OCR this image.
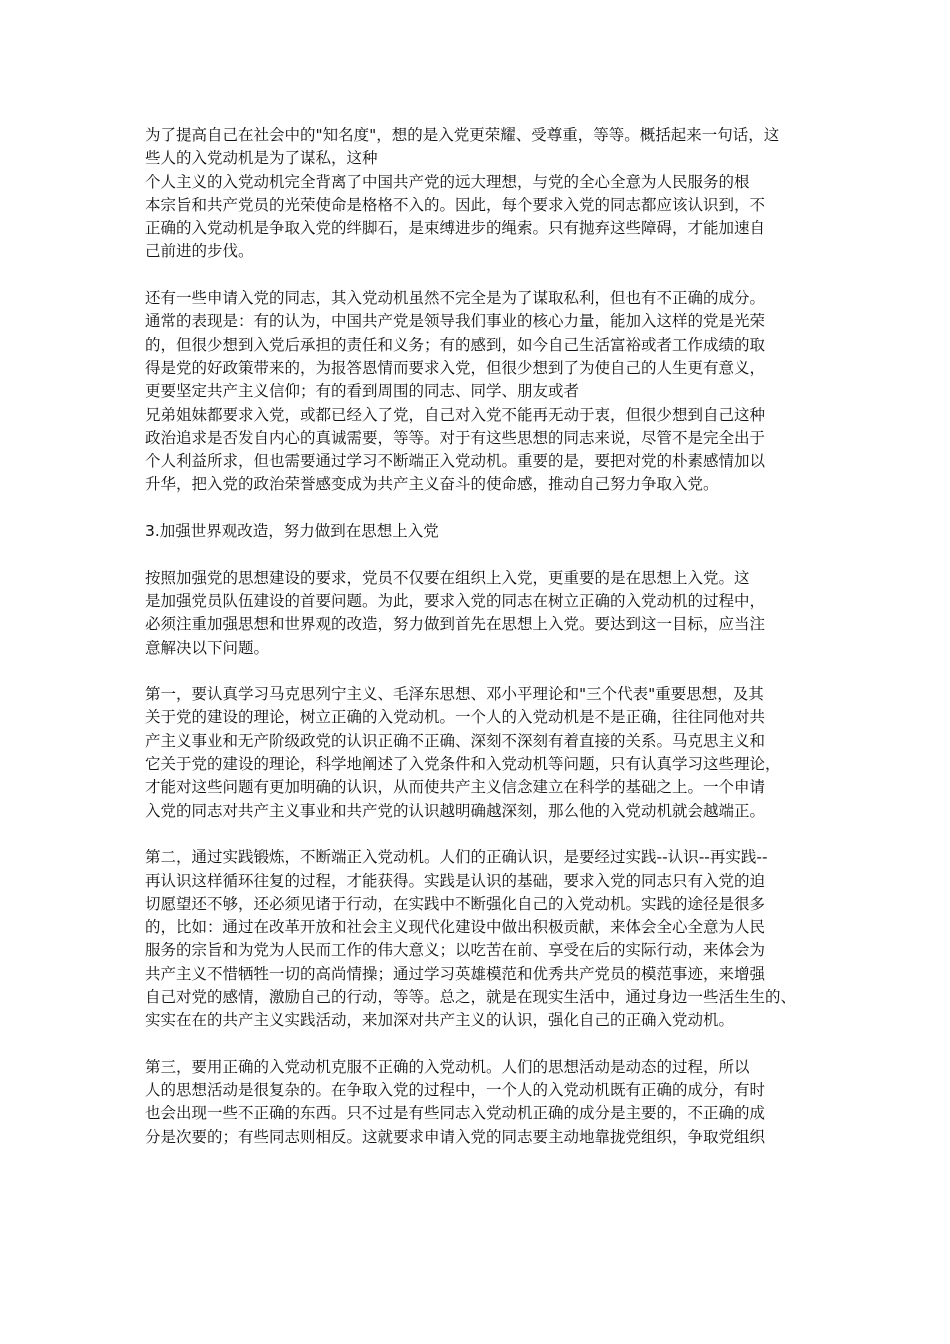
为了提高自己在社会中的"知名度"，想的是入党更荣耀、受尊重，等等。概括起来一句话，这
些人的入党动机是为了谋私，这种
个人主义的入党动机完全背离了中国共产党的远大理想，与党的全心全意为人民服务的根
本宗旨和共产党员的光荣使命是格格不入的。因此，每个要求入党的同志都应该认识到，不
正确的入党动机是争取入党的绊脚石，是束缚进步的绳索。只有抛弃这些障碍，才能加速自
己前进的步伐。
还有一些申请入党的同志，其入党动机虽然不完全是为了谋取私利，但也有不正确的成分。
通常的表现是：有的认为，中国共产党是领导我们事业的核心力量，能加入这样的党是光荣
的，但很少想到入党后承担的责任和义务；有的感到，如今自己生活富裕或者工作成绩的取
得是党的好政策带来的，为报答恩情而要求入党，但很少想到了为使自己的人生更有意义，
更要坚定共产主义信仰；有的看到周围的同志、同学、朋友或者
兄弟姐妹都要求入党，或都已经入了党，自己对入党不能再无动于衷，但很少想到自己这种
政治追求是否发自内心的真诚需要，等等。对于有这些思想的同志来说，尽管不是完全出于
个人利益所求，但也需要通过学习不断端正入党动机。重要的是，要把对党的朴素感情加以
升华，把入党的政治荣誉感变成为共产主义奋斗的使命感，推动自己努力争取入党。
3.加强世界观改造，努力做到在思想上入党
按照加强党的思想建设的要求，党员不仅要在组织上入党，更重要的是在思想上入党。这
是加强党员队伍建设的首要问题。为此，要求入党的同志在树立正确的入党动机的过程中，
必须注重加强思想和世界观的改造，努力做到首先在思想上入党。要达到这一目标，应当注
意解决以下问题。
第一，要认真学习马克思列宁主义、毛泽东思想、邓小平理论和"三个代表"重要思想，及其
关于党的建设的理论，树立正确的入党动机。一个人的入党动机是不是正确，往往同他对共
产主义事业和无产阶级政党的认识正确不正确、深刻不深刻有着直接的关系。马克思主义和
它关于党的建设的理论，科学地阐述了入党条件和入党动机等问题，只有认真学习这些理论，
才能对这些问题有更加明确的认识，从而使共产主义信念建立在科学的基础之上。一个申请
入党的同志对共产主义事业和共产党的认识越明确越深刻，那么他的入党动机就会越端正。
第二，通过实践锻炼，不断端正入党动机。人们的正确认识，是要经过实践--认识--再实践--
再认识这样循环往复的过程，才能获得。实践是认识的基础，要求入党的同志只有入党的迫
切愿望还不够，还必须见诸于行动，在实践中不断强化自己的入党动机。实践的途径是很多
的，比如：通过在改革开放和社会主义现代化建设中做出积极贡献，来体会全心全意为人民
服务的宗旨和为党为人民而工作的伟大意义；以吃苦在前、享受在后的实际行动，来体会为
共产主义不惜牺牲一切的高尚情操；通过学习英雄模范和优秀共产党员的模范事迹，来增强
自己对党的感情，激励自己的行动，等等。总之，就是在现实生活中，通过身边一些活生生的、
实实在在的共产主义实践活动，来加深对共产主义的认识，强化自己的正确入党动机。
第三，要用正确的入党动机克服不正确的入党动机。人们的思想活动是动态的过程，所以
人的思想活动是很复杂的。在争取入党的过程中，一个人的入党动机既有正确的成分，有时
也会出现一些不正确的东西。只不过是有些同志入党动机正确的成分是主要的，不正确的成
分是次要的；有些同志则相反。这就要求申请入党的同志要主动地靠拢党组织，争取党组织
